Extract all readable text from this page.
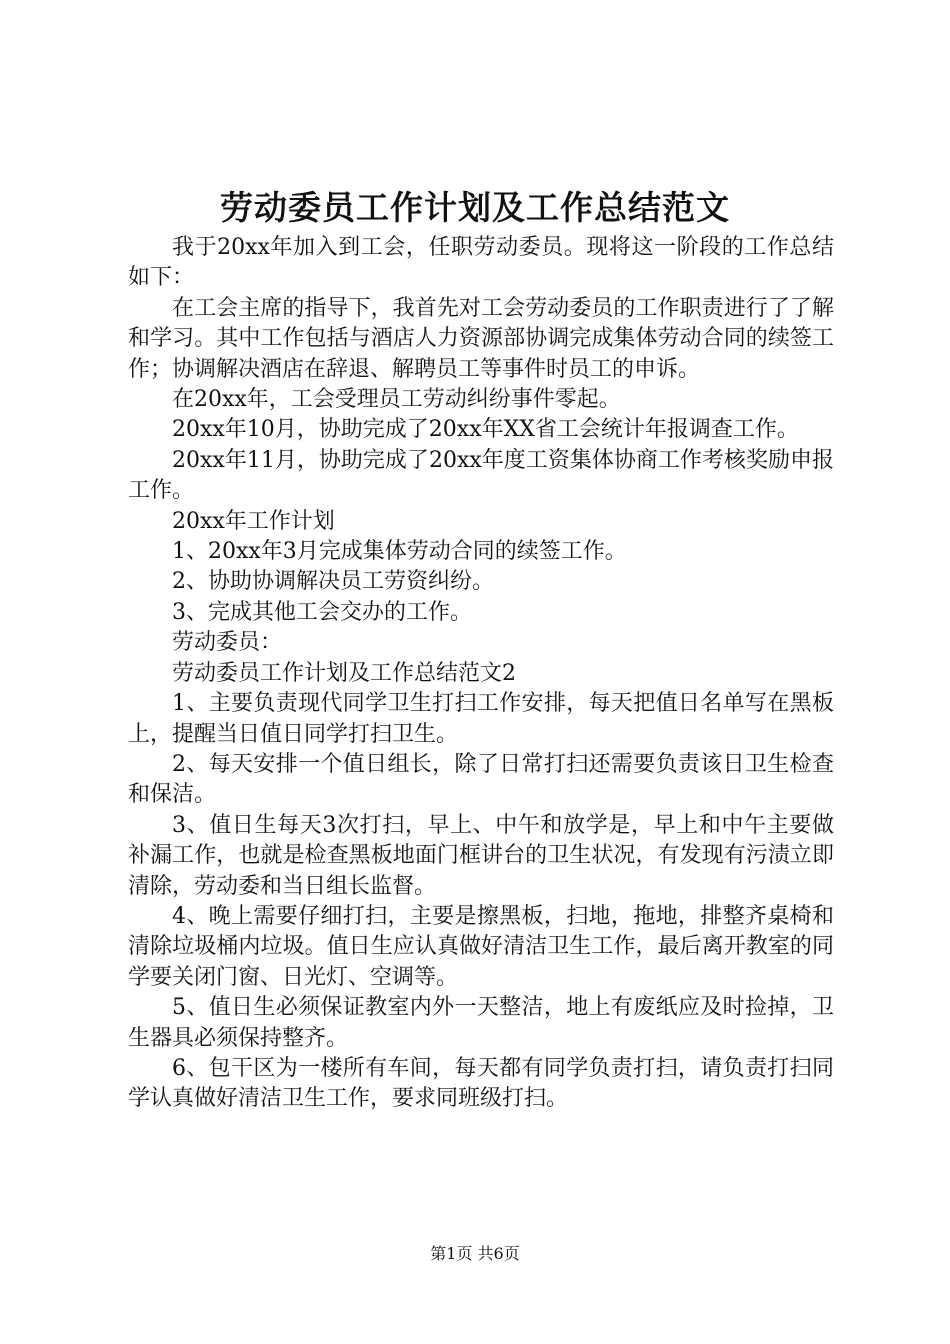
劳动委员工作计划及工作总结范文

我于20xx年加入到工会，任职劳动委员。现将这一阶段的工作总结如下：

在工会主席的指导下，我首先对工会劳动委员的工作职责进行了了解和学习。其中工作包括与酒店人力资源部协调完成集体劳动合同的续签工作；协调解决酒店在辞退、解聘员工等事件时员工的申诉。

在20xx年，工会受理员工劳动纠纷事件零起。

20xx年10月，协助完成了20xx年XX省工会统计年报调查工作。

20xx年11月，协助完成了20xx年度工资集体协商工作考核奖励申报工作。

20xx年工作计划

1、20xx年3月完成集体劳动合同的续签工作。

2、协助协调解决员工劳资纠纷。

3、完成其他工会交办的工作。

劳动委员：

劳动委员工作计划及工作总结范文2

1、主要负责现代同学卫生打扫工作安排，每天把值日名单写在黑板上，提醒当日值日同学打扫卫生。

2、每天安排一个值日组长，除了日常打扫还需要负责该日卫生检查和保洁。

3、值日生每天3次打扫，早上、中午和放学是，早上和中午主要做补漏工作，也就是检查黑板地面门框讲台的卫生状况，有发现有污渍立即清除，劳动委和当日组长监督。

4、晚上需要仔细打扫，主要是擦黑板，扫地，拖地，排整齐桌椅和清除垃圾桶内垃圾。值日生应认真做好清洁卫生工作，最后离开教室的同学要关闭门窗、日光灯、空调等。

5、值日生必须保证教室内外一天整洁，地上有废纸应及时捡掉，卫生器具必须保持整齐。

6、包干区为一楼所有车间，每天都有同学负责打扫，请负责打扫同学认真做好清洁卫生工作，要求同班级打扫。

第1页 共6页
